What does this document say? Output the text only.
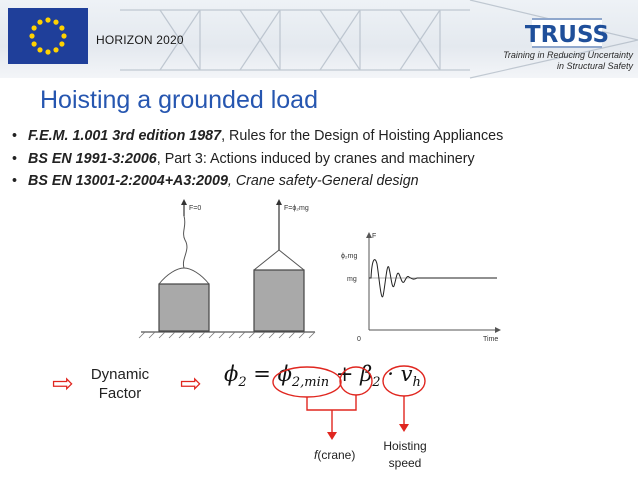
HORIZON 2020	TRUSS
Training in Reducing Uncertainty
in Structural Safety
Hoisting a grounded load
• F.E.M. 1.001 3rd edition 1987, Rules for the Design of Hoisting Appliances
• BS EN 1991-3:2006, Part 3: Actions induced by cranes and machinery
• BS EN 13001-2:2004+A3:2009, Crane safety-General design
F=0	F=ϕ₂mg
F
ϕ₂mg
mg
0	Time
⇨	Dynamic
Factor	⇨ $\phi_2 = \phi_{2,min} + \beta_2 \cdot v_h$
f(crane)
Hoisting
speed
